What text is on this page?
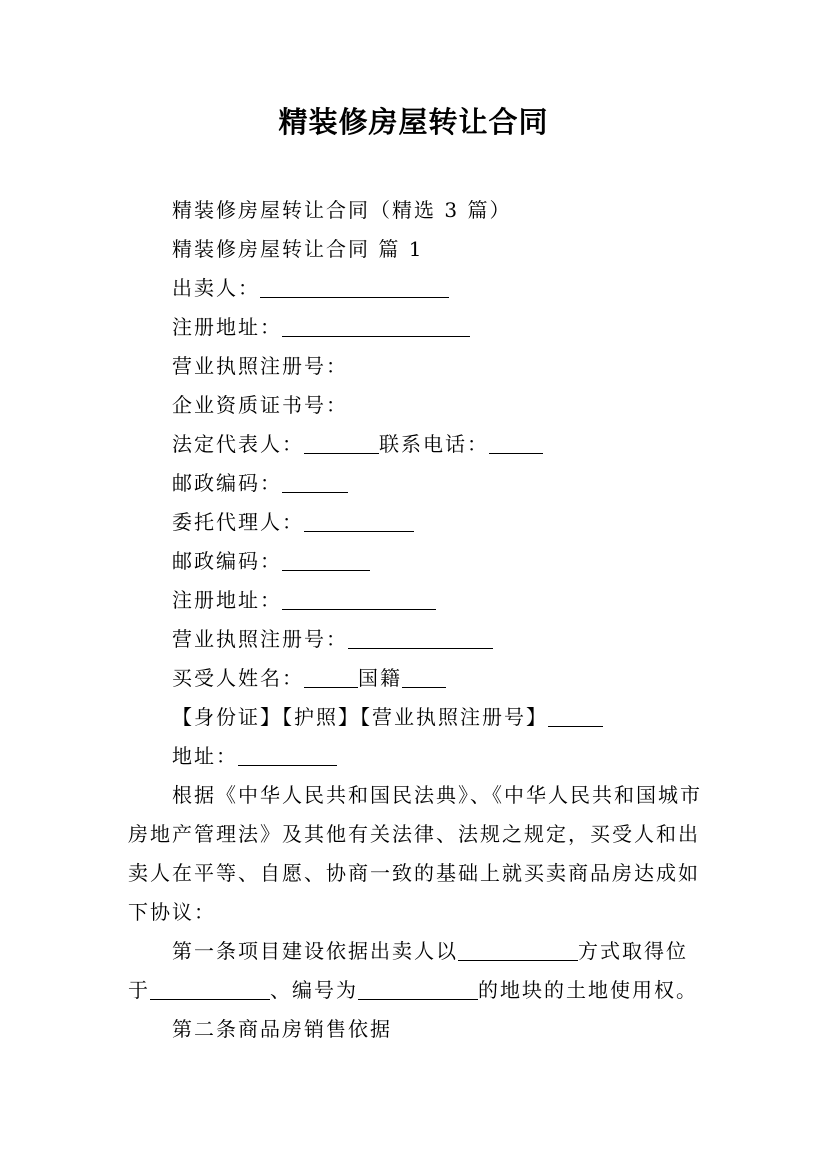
精装修房屋转让合同
精装修房屋转让合同（精选 3 篇）
精装修房屋转让合同 篇 1
出卖人：
注册地址：
营业执照注册号：
企业资质证书号：
法定代表人：	联系电话：
邮政编码：
委托代理人：
邮政编码：
注册地址：
营业执照注册号：
买受人姓名：	国籍
【身份证】【护照】【营业执照注册号】
地址：
根据《中华人民共和国民法典》、《中华人民共和国城市
房地产管理法》及其他有关法律、法规之规定，买受人和出
卖人在平等、自愿、协商一致的基础上就买卖商品房达成如
下协议：
第一条项目建设依据出卖人以	方式取得位
于	、编号为	的地块的土地使用权。
第二条商品房销售依据
